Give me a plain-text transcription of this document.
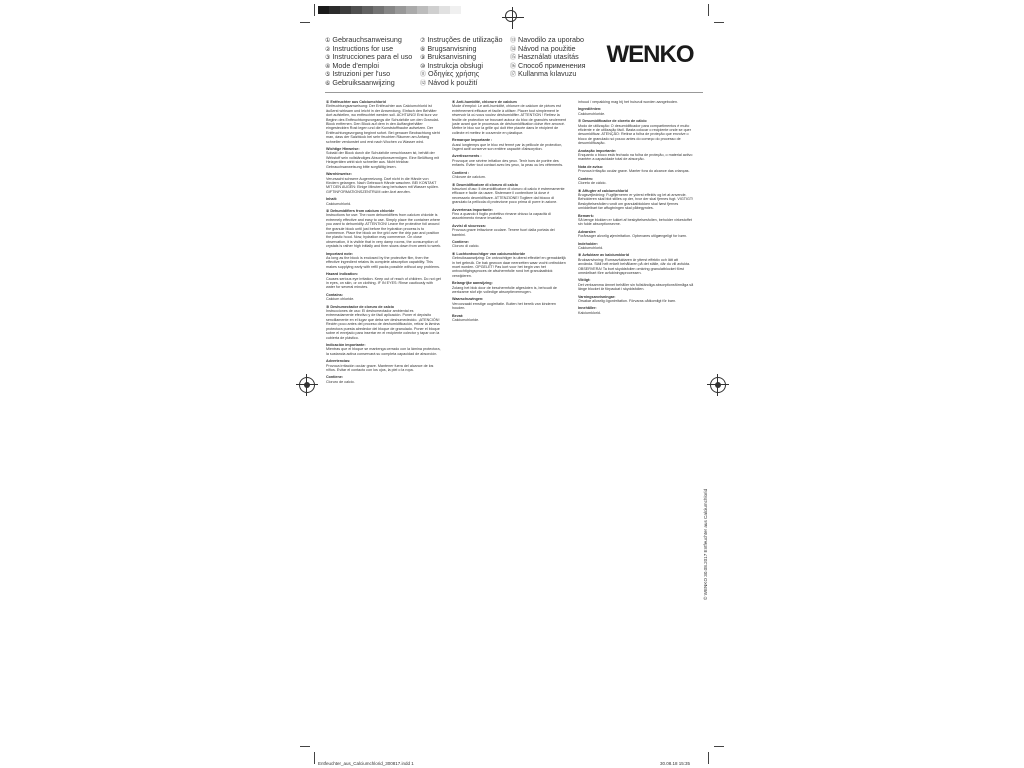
① Gebrauchsanweisung
② Instructions for use
③ Instrucciones para el uso
④ Mode d'emploi
⑤ Istruzioni per l'uso
⑥ Gebruiksaanwijzing
⑦ Instruções de utilização
⑧ Brugsanvisning
⑨ Bruksanvisning
⑩ Instrukcja obsługi
⑪ Οδηγίες χρήσης
⑫ Návod k použití
⑬ Navodilo za uporabo
⑭ Návod na použitie
⑮ Használati utasítás
⑯ Способ применения
⑰ Kullanma kılavuzu
WENKO

① Entfeuchter aus Calciumchlorid
Einfeuchtungsanweisung: Der Entfeuchter aus Calciumchlorid ist äußerst wirksam und leicht in der Anwendung. Einfach den Behälter dort aufstellen, wo entfeuchtet werden soll. ACHTUNG! Erst kurz vor Beginn des Entfeuchtungsvorgangs die Schutzfolie um den Granulat-Block entfernen. Den Block auf dem in den Auffangbehälter eingesteckten Rost legen und die Kunststoffhaube aufsetzen. Der Entfeuchtungsvorgang beginnt sofort. Bei genauer Beobachtung sieht man, dass der Salzblock bei sehr feuchten Räumen am Anfang schneller verdunstet und erst nach Wochen zu Wasser wird.

Wichtige Hinweise:
Sobald der Block durch die Schutzfolie verschlossen ist, behält der Wirkstoff sein vollständiges Absorptionsvermögen. Eine Belüftung mit Heizgeräten wirkt sich schneller aus. Nicht trinkbar. Gebrauchsanweisung bitte sorgfältig lesen.

Warnhinweise:
Verursacht schwere Augenreizung. Darf nicht in die Hände von Kindern gelangen. Nach Gebrauch Hände waschen. BEI KONTAKT MIT DEN AUGEN: Einige Minuten lang behutsam mit Wasser spülen. GIFTINFORMATIONSZENTRUM oder Arzt anrufen.

Inhalt:
Calciumchlorid.

② Dehumidifiers from calcium chloride
Instructions for use: The room dehumidifiers from calcium chloride is extremely effective and easy to use. Simply place the container where you want to dehumidify. ATTENTION! Leave the protective foil around the granule block until just before the hydration process is to commence. Place the block on the grid over the drip pan and position the plastic hood. Now, hydration may commence. On close observation, it is visible that in very damp rooms, the consumption of crystals is rather high initially and then slows down from week to week.

Important note:
As long as the block is enclosed by the protective film, then the effective ingredient retains its complete absorption capability. This makes supplying early with refill packs possible without any problems.

Hazard indication:
Causes serious eye irritation. Keep out of reach of children. Do not get in eyes, on skin, or on clothing. IF IN EYES: Rinse cautiously with water for several minutes.

Contains:
Calcium chloride.

③ Deshumectador de cloruro de calcio
Instrucciones de uso: El deshumectador ambiental es extremadamente efectivo y de fácil aplicación. Poner el depósito sencillamente en el lugar que deba ser deshumedecido. ¡ATENCIÓN! Recién poco antes del proceso de deshumidificación, retirar la lámina protectora puesta alrededor del bloque de granulado. Poner el bloque sobre el enrejado para insertar en el recipiente colector y tapar con la cubierta de plástico.

Indicación importante:
Mientras que el bloque se mantenga cerrado con la lámina protectora, la sustancia activa conservará su completa capacidad de absorción.

Advertencias:
Provoca irritación ocular grave. Mantener fuera del alcance de los niños. Evitar el contacto con los ojos, la piel o la ropa.

Contiene:
Cloruro de calcio.

④ Anti-humidité, chlorure de calcium
Mode d'emploi: Le anti-humidité, chlorure de calcium de pièces est extrêmement efficace et facile à utiliser. Placer tout simplement le réservoir là où vous voulez déshumidifier. ATTENTION ! Retirez la feuille de protection se trouvant autour du bloc de granulés seulement juste avant que le processus de déshumidification doive être amorcé. Mettre le bloc sur la grille qui doit être placée dans le récipient de collecte et mettez le couvercle en plastique.

Remarque importante :
Aussi longtemps que le bloc est fermé par la pellicule de protection, l'agent actif conserve son entière capacité d'absorption.

Avertissements :
Provoque une sévère irritation des yeux. Tenir hors de portée des enfants. Éviter tout contact avec les yeux, la peau ou les vêtements.

Contient :
Chlorure de calcium.

⑤ Deumidificatore di cloruro di calcio
Istruzioni d'uso: Il deumidificatore di cloruro di calcio è estremamente efficace e facile da usare. Sistemare il contenitore là dove è necessario deumidificare. ATTENZIONE! Togliere dal blocco di granulato la pellicola di protezione poco prima di porre in azione.

Avvertenza importante:
Fino a quando il foglio protettivo rimane chiuso la capacità di assorbimento rimane invariata.

Avvisi di sicurezza:
Provoca grave irritazione oculare. Tenere fuori dalla portata dei bambini.

Contiene:
Cloruro di calcio.

⑥ Luchtontvochtiger van calciumchloride
Gebruiksaanwijzing: De ontvochtiger is uiterst effectief en gemakkelijk in het gebruik. De bak gewoon daar neerzetten waar vocht onttrokken moet worden. OPGELET! Pas kort voor het begin van het ontvochtigingsproces de afschermfolie rond het granulaatblok verwijderen.

Belangrijke aanwijzing:
Zolang het blok door de beschermfolie afgesloten is, behoudt de werkzame stof zijn volledige absorptievermogen.

Waarschuwingen:
Veroorzaakt ernstige oogirritatie. Buiten het bereik van kinderen houden.

Bevat:
Calciumchloride.

inhoud / verpakking mag bij het huisvuil worden aangeboden.

Ingrediënten:
Calciumchloride.

⑦ Desumidificador de cloreto de cálcio
Modo de utilização: O desumidificador para compartimentos é muito eficiente e de utilização fácil. Basta colocar o recipiente onde se quer desumidificar. ATENÇÃO: Retirar a folha de proteção que envolve o bloco de granulado só pouco antes do começo do processo de desumidificação.

Anotação importante:
Enquanto o bloco está fechado na folha de proteção, o material activo mantém a capacidade total de absorção.

Nota de aviso:
Provoca irritação ocular grave. Manter fora do alcance das crianças.

Contém:
Cloreto de cálcio.

⑧ Affugter af calciumchlorid
Brugsvejledning: Fugtfjerneren er yderst effektiv og let at anvende. Beholderen skal blot stilles op der, hvor der skal fjernes fugt. VIGTIGT! Beskyttelsesfolien rundt om granulatblokken skal først fjernes umiddelbart før affugtningen skal påbegyndes.

Bemærk:
Så længe blokken er lukket af beskyttelsesfolien, beholder virkestoffet sin fulde absorptionsevne.

Advarsler:
Forårsager alvorlig øjenirritation. Opbevares utilgængeligt for børn.

Indeholder:
Calciumchlorid.

⑨ Avfuktare av kalciumklorid
Bruksanvisning: Rumsavfuktaren är ytterst effektiv och lätt att använda. Ställ helt enkelt behållaren på det ställe, där du vill avfukta. OBSERVERA! Ta bort skyddsfolien omkring granulatblocket först omedelbart före avfuktningsprocessen.

Viktigt:
Det verksamma ämnet behåller sin fullständiga absorptionsförmåga så länge blocket är förpackat i skyddsfolien.

Varningsanvisningar:
Orsakar allvarlig ögonirritation. Förvaras oåtkomligt för barn.

Innehåller:
Kalciumklorid.

© WENKO 30.08.2017 Entfeuchter aus Calciumchlorid
Entfeuchter_aus_Calciumchlorid_300817.indd 1	30.08.18 15:35
